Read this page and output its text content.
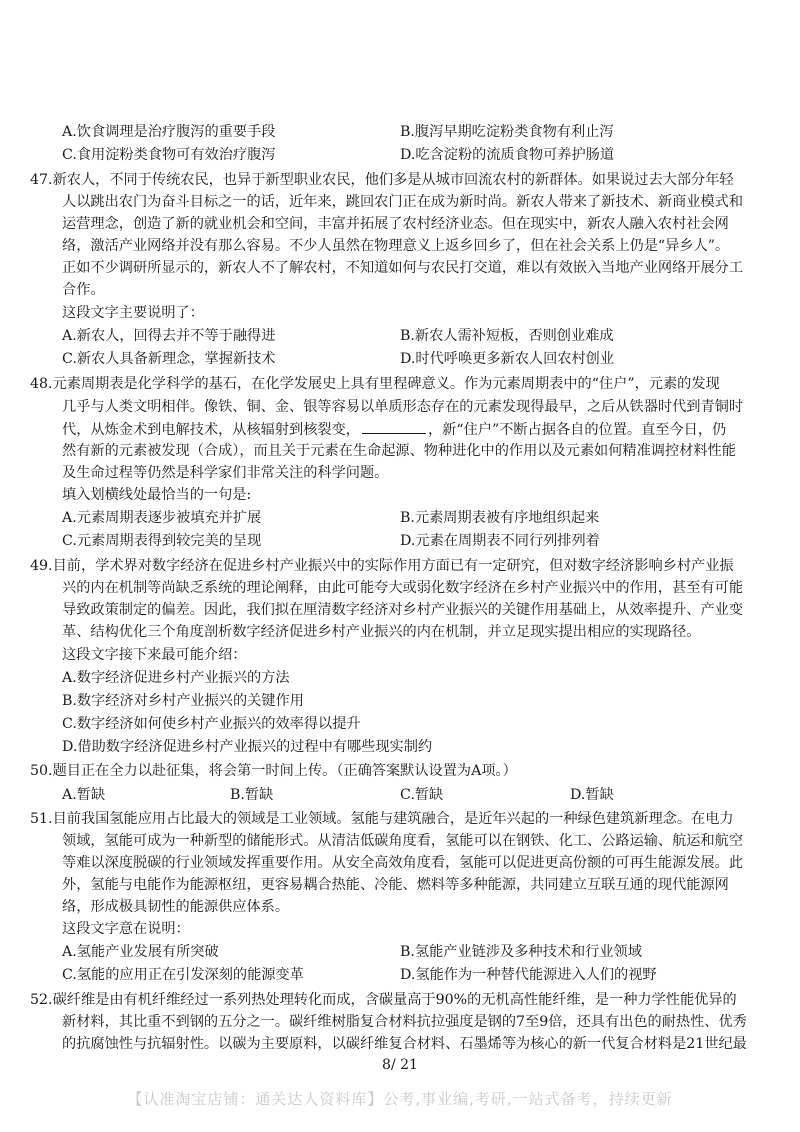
A.饮食调理是治疗腹泻的重要手段	B.腹泻早期吃淀粉类食物有利止泻
C.食用淀粉类食物可有效治疗腹泻	D.吃含淀粉的流质食物可养护肠道
47.新农人，不同于传统农民，也异于新型职业农民，他们多是从城市回流农村的新群体。如果说过去大部分年轻
人以跳出农门为奋斗目标之一的话，近年来，跳回农门正在成为新时尚。新农人带来了新技术、新商业模式和
运营理念，创造了新的就业机会和空间，丰富并拓展了农村经济业态。但在现实中，新农人融入农村社会网
络，激活产业网络并没有那么容易。不少人虽然在物理意义上返乡回乡了，但在社会关系上仍是“异乡人”。
正如不少调研所显示的，新农人不了解农村，不知道如何与农民打交道，难以有效嵌入当地产业网络开展分工
合作。
这段文字主要说明了：
A.新农人，回得去并不等于融得进	B.新农人需补短板，否则创业难成
C.新农人具备新理念，掌握新技术	D.时代呼唤更多新农人回农村创业
48.元素周期表是化学科学的基石，在化学发展史上具有里程碑意义。作为元素周期表中的“住户”，元素的发现
几乎与人类文明相伴。像铁、铜、金、银等容易以单质形态存在的元素发现得最早，之后从铁器时代到青铜时
代，从炼金术到电解技术，从核辐射到核裂变，	，新“住户”不断占据各自的位置。直至今日，仍
然有新的元素被发现（合成），而且关于元素在生命起源、物种进化中的作用以及元素如何精准调控材料性能
及生命过程等仍然是科学家们非常关注的科学问题。
填入划横线处最恰当的一句是:
A.元素周期表逐步被填充并扩展	B.元素周期表被有序地组织起来
C.元素周期表得到较完美的呈现	D.元素在周期表不同行列排列着
49.目前，学术界对数字经济在促进乡村产业振兴中的实际作用方面已有一定研究，但对数字经济影响乡村产业振
兴的内在机制等尚缺乏系统的理论阐释，由此可能夸大或弱化数字经济在乡村产业振兴中的作用，甚至有可能
导致政策制定的偏差。因此，我们拟在厘清数字经济对乡村产业振兴的关键作用基础上，从效率提升、产业变
革、结构优化三个角度剖析数字经济促进乡村产业振兴的内在机制，并立足现实提出相应的实现路径。
这段文字接下来最可能介绍：
A.数字经济促进乡村产业振兴的方法
B.数字经济对乡村产业振兴的关键作用
C.数字经济如何使乡村产业振兴的效率得以提升
D.借助数字经济促进乡村产业振兴的过程中有哪些现实制约
50.题目正在全力以赴征集，将会第一时间上传。（正确答案默认设置为A项。）
A.暂缺	B.暂缺	C.暂缺	D.暂缺
51.目前我国氢能应用占比最大的领域是工业领域。氢能与建筑融合，是近年兴起的一种绿色建筑新理念。在电力
领域，氢能可成为一种新型的储能形式。从清洁低碳角度看，氢能可以在钢铁、化工、公路运输、航运和航空
等难以深度脱碳的行业领域发挥重要作用。从安全高效角度看，氢能可以促进更高份额的可再生能源发展。此
外，氢能与电能作为能源枢纽，更容易耦合热能、冷能、燃料等多种能源，共同建立互联互通的现代能源网
络，形成极具韧性的能源供应体系。
这段文字意在说明：
A.氢能产业发展有所突破	B.氢能产业链涉及多种技术和行业领域
C.氢能的应用正在引发深刻的能源变革	D.氢能作为一种替代能源进入人们的视野
52.碳纤维是由有机纤维经过一系列热处理转化而成，含碳量高于90%的无机高性能纤维，是一种力学性能优异的
新材料，其比重不到钢的五分之一。碳纤维树脂复合材料抗拉强度是钢的7至9倍，还具有出色的耐热性、优秀
的抗腐蚀性与抗辐射性。以碳为主要原料，以碳纤维复合材料、石墨烯等为核心的新一代复合材料是21世纪最
8/ 21
【认准淘宝店铺：通关达人资料库】公考,事业编,考研,一站式备考，持续更新
